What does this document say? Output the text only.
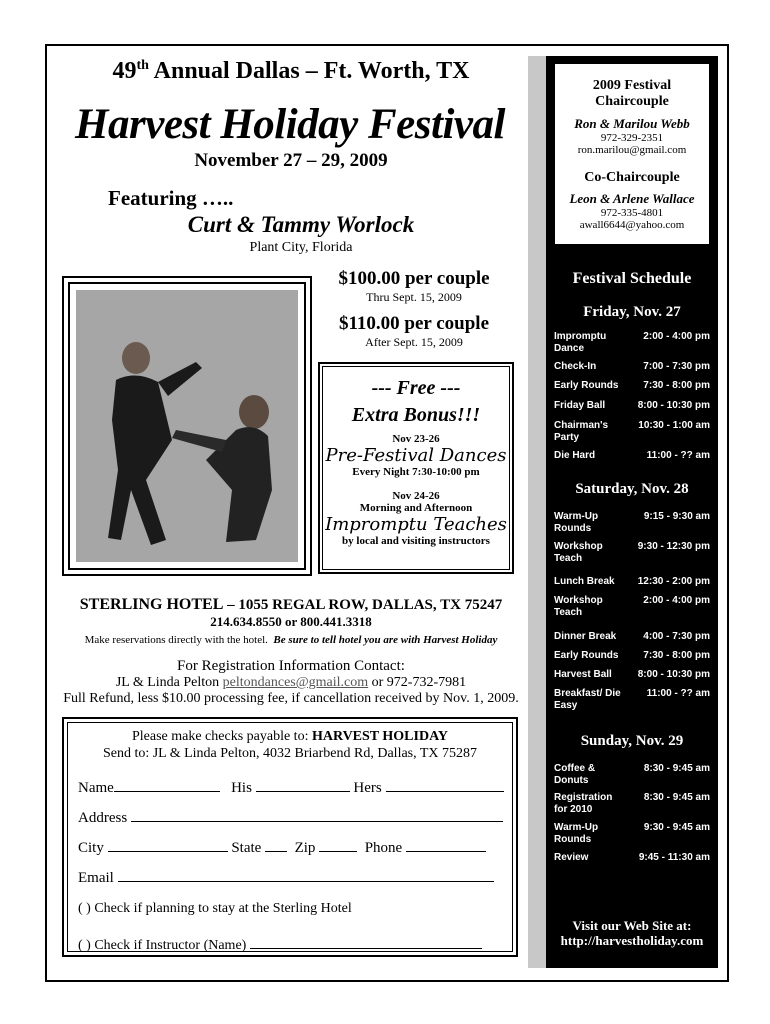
49th Annual Dallas – Ft. Worth, TX
Harvest Holiday Festival
November 27 – 29, 2009
Featuring …..
Curt & Tammy Worlock
Plant City, Florida
$100.00 per couple
Thru Sept. 15, 2009
$110.00 per couple
After Sept. 15, 2009
--- Free ---
Extra Bonus!!!
Nov 23-26
Pre-Festival Dances
Every Night 7:30-10:00 pm
Nov 24-26
Morning and Afternoon
Impromptu Teaches
by local and visiting instructors
STERLING HOTEL – 1055 REGAL ROW, DALLAS, TX 75247
214.634.8550 or 800.441.3318
Make reservations directly with the hotel. Be sure to tell hotel you are with Harvest Holiday
For Registration Information Contact:
JL & Linda Pelton peltondances@gmail.com or 972-732-7981
Full Refund, less $10.00 processing fee, if cancellation received by Nov. 1, 2009.
Please make checks payable to: HARVEST HOLIDAY
Send to: JL & Linda Pelton, 4032 Briarbend Rd, Dallas, TX 75287
Name	His	Hers
Address
City	State Zip	Phone
Email
( ) Check if planning to stay at the Sterling Hotel
( ) Check if Instructor (Name)
2009 Festival
Chaircouple
Ron & Marilou Webb
972-329-2351
ron.marilou@gmail.com
Co-Chaircouple
Leon & Arlene Wallace
972-335-4801
awall6644@yahoo.com
Festival Schedule
Friday, Nov. 27
Impromptu Dance
2:00 - 4:00 pm
Check-In	7:00 - 7:30 pm
Early Rounds	7:30 - 8:00 pm
Friday Ball	8:00 - 10:30 pm
Chairman's Party
10:30 - 1:00 am
Die Hard	11:00 - ?? am
Saturday, Nov. 28
Warm-Up Rounds
9:15 - 9:30 am
Workshop Teach
9:30 - 12:30 pm
Lunch Break	12:30 - 2:00 pm
Workshop Teach
2:00 - 4:00 pm
Dinner Break	4:00 - 7:30 pm
Early Rounds	7:30 - 8:00 pm
Harvest Ball	8:00 - 10:30 pm
Breakfast/ Die Easy
11:00 - ?? am
Sunday, Nov. 29
Coffee & Donuts
8:30 - 9:45 am
Registration for 2010
8:30 - 9:45 am
Warm-Up Rounds
9:30 - 9:45 am
Review	9:45 - 11:30 am
Visit our Web Site at:
http://harvestholiday.com
